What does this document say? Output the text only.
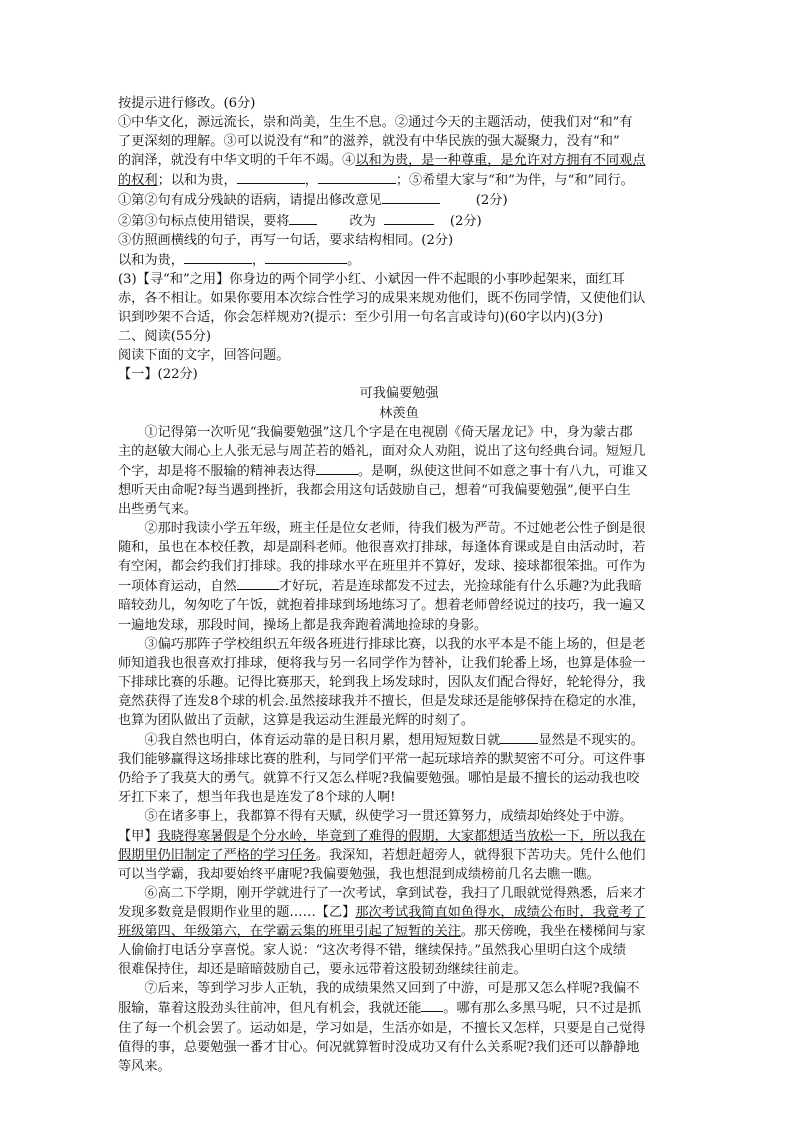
按提示进行修改。(6分)
①中华文化，源远流长，崇和尚美，生生不息。②通过今天的主题活动，使我们对“和”有
了更深刻的理解。③可以说没有“和”的滋养，就没有中华民族的强大凝聚力，没有“和”
的润泽，就没有中华文明的千年不竭。④以和为贵，是一种尊重，是允许对方拥有不同观点
的权利；以和为贵，	，	；⑤希望大家与“和”为伴，与“和”同行。
①第②句有成分残缺的语病，请提出修改意见	(2分)
②第③句标点使用错误，要将	改为	(2分)
③仿照画横线的句子，再写一句话，要求结构相同。(2分)
以和为贵，	，	。
(3)【寻“和”之用】你身边的两个同学小红、小斌因一件不起眼的小事吵起架来，面红耳
赤，各不相让。如果你要用本次综合性学习的成果来规劝他们，既不伤同学情，又使他们认
识到吵架不合适，你会怎样规劝?(提示：至少引用一句名言或诗句)(60字以内)(3分)
二、阅读(55分)
阅读下面的文字，回答问题。
【一】(22分)
可我偏要勉强
林羡鱼
①记得第一次听见“我偏要勉强”这几个字是在电视剧《倚天屠龙记》中，身为蒙古郡
主的赵敏大闹心上人张无忌与周芷若的婚礼，面对众人劝阻，说出了这句经典台词。短短几
个字，却是将不服输的精神表达得	。是啊，纵使这世间不如意之事十有八九，可谁又
想听天由命呢?每当遇到挫折，我都会用这句话鼓励自己，想着“可我偏要勉强”,便平白生
出些勇气来。
②那时我读小学五年级，班主任是位女老师，待我们极为严苛。不过她老公性子倒是很
随和，虽也在本校任教，却是副科老师。他很喜欢打排球，每逢体育课或是自由活动时，若
有空闲，都会约我们打排球。我的排球水平在班里并不算好，发球、接球都很笨拙。可作为
一项体育运动，自然	才好玩，若是连球都发不过去，光捡球能有什么乐趣?为此我暗
暗较劲儿，匆匆吃了午饭，就抱着排球到场地练习了。想着老师曾经说过的技巧，我一遍又
一遍地发球，那段时间，操场上都是我奔跑着满地捡球的身影。
③偏巧那阵子学校组织五年级各班进行排球比赛，以我的水平本是不能上场的，但是老
师知道我也很喜欢打排球，便将我与另一名同学作为替补，让我们轮番上场，也算是体验一
下排球比赛的乐趣。记得比赛那天，轮到我上场发球时，因队友们配合得好，轮轮得分，我
竟然获得了连发8个球的机会.虽然接球我并不擅长，但是发球还是能够保持在稳定的水准，
也算为团队做出了贡献，这算是我运动生涯最光辉的时刻了。
④我自然也明白，体育运动靠的是日积月累，想用短短数日就	显然是不现实的。
我们能够赢得这场排球比赛的胜利，与同学们平常一起玩球培养的默契密不可分。可这件事
仍给予了我莫大的勇气。就算不行又怎么样呢?我偏要勉强。哪怕是最不擅长的运动我也咬
牙扛下来了，想当年我也是连发了8个球的人啊!
⑤在诸多事上，我都算不得有天赋，纵使学习一贯还算努力，成绩却始终处于中游。
【甲】我晓得寒暑假是个分水岭，毕竟到了难得的假期，大家都想适当放松一下，所以我在
假期里仍旧制定了严格的学习任务。我深知，若想赶超旁人，就得狠下苦功夫。凭什么他们
可以当学霸，我却要始终平庸呢?我偏要勉强，我也想混到成绩榜前几名去瞧一瞧。
⑥高二下学期，刚开学就进行了一次考试，拿到试卷，我扫了几眼就觉得熟悉，后来才
发现多数竟是假期作业里的题……【乙】那次考试我简直如鱼得水，成绩公布时，我竟考了
班级第四、年级第六，在学霸云集的班里引起了短暂的关注。那天傍晚，我坐在楼梯间与家
人偷偷打电话分享喜悦。家人说：“这次考得不错，继续保持。”虽然我心里明白这个成绩
很难保持住，却还是暗暗鼓励自己，要永远带着这股韧劲继续往前走。
⑦后来，等到学习步人正轨，我的成绩果然又回到了中游，可是那又怎么样呢?我偏不
服输，靠着这股劲头往前冲，但凡有机会，我就还能 。哪有那么多黑马呢，只不过是抓
住了每一个机会罢了。运动如是，学习如是，生活亦如是，不擅长又怎样，只要是自己觉得
值得的事，总要勉强一番才甘心。何况就算暂时没成功又有什么关系呢?我们还可以静静地
等风来。
